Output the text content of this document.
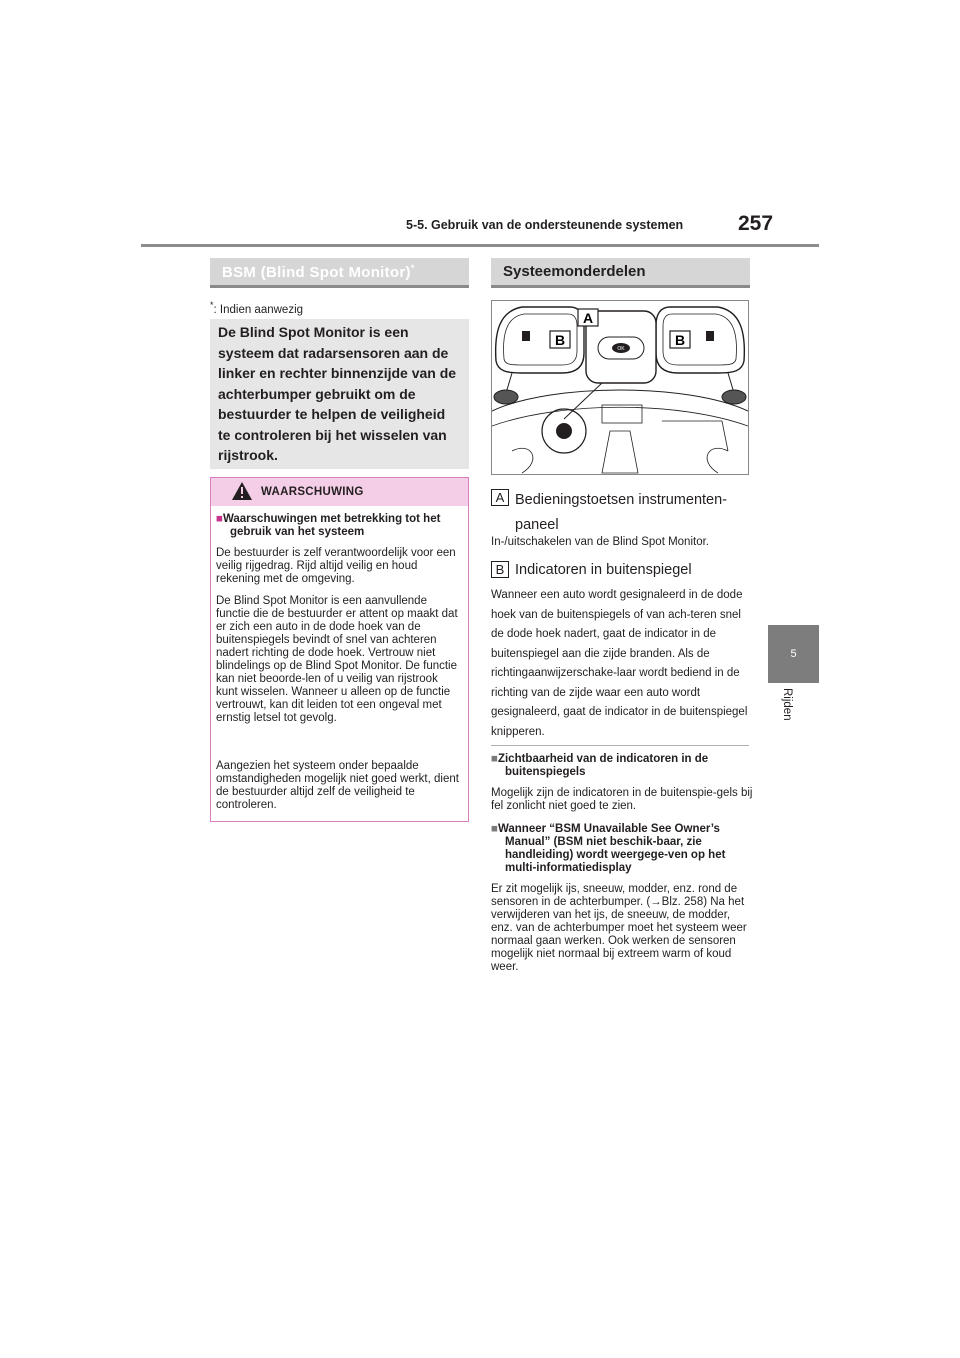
5-5. Gebruik van de ondersteunende systemen	257
5
Rijden
BSM (Blind Spot Monitor)*
*: Indien aanwezig
De Blind Spot Monitor is een systeem dat radarsensoren aan de linker en rechter binnenzijde van de achterbumper gebruikt om de bestuurder te helpen de veiligheid te controleren bij het wisselen van rijstrook.
WAARSCHUWING
■Waarschuwingen met betrekking tot het gebruik van het systeem
De bestuurder is zelf verantwoordelijk voor een veilig rijgedrag. Rijd altijd veilig en houd rekening met de omgeving.
De Blind Spot Monitor is een aanvullende functie die de bestuurder er attent op maakt dat er zich een auto in de dode hoek van de buitenspiegels bevindt of snel van achteren nadert richting de dode hoek. Vertrouw niet blindelings op de Blind Spot Monitor. De functie kan niet beoorde-len of u veilig van rijstrook kunt wisselen. Wanneer u alleen op de functie vertrouwt, kan dit leiden tot een ongeval met ernstig letsel tot gevolg.
Aangezien het systeem onder bepaalde omstandigheden mogelijk niet goed werkt, dient de bestuurder altijd zelf de veiligheid te controleren.
Systeemonderdelen
OK
B	B
A
A Bedieningstoetsen instrumenten-
paneel
In-/uitschakelen van de Blind Spot Monitor.
B Indicatoren in buitenspiegel
Wanneer een auto wordt gesignaleerd in de dode hoek van de buitenspiegels of van ach-teren snel de dode hoek nadert, gaat de indicator in de buitenspiegel aan die zijde branden. Als de richtingaanwijzerschake-laar wordt bediend in de richting van de zijde waar een auto wordt gesignaleerd, gaat de indicator in de buitenspiegel knipperen.
■Zichtbaarheid van de indicatoren in de buitenspiegels
Mogelijk zijn de indicatoren in de buitenspie-gels bij fel zonlicht niet goed te zien.
■Wanneer “BSM Unavailable See Owner’s Manual” (BSM niet beschik-baar, zie handleiding) wordt weergege-ven op het multi-informatiedisplay
Er zit mogelijk ijs, sneeuw, modder, enz. rond de sensoren in de achterbumper. (→Blz. 258) Na het verwijderen van het ijs, de sneeuw, de modder, enz. van de achterbumper moet het systeem weer normaal gaan werken. Ook werken de sensoren mogelijk niet normaal bij extreem warm of koud weer.
